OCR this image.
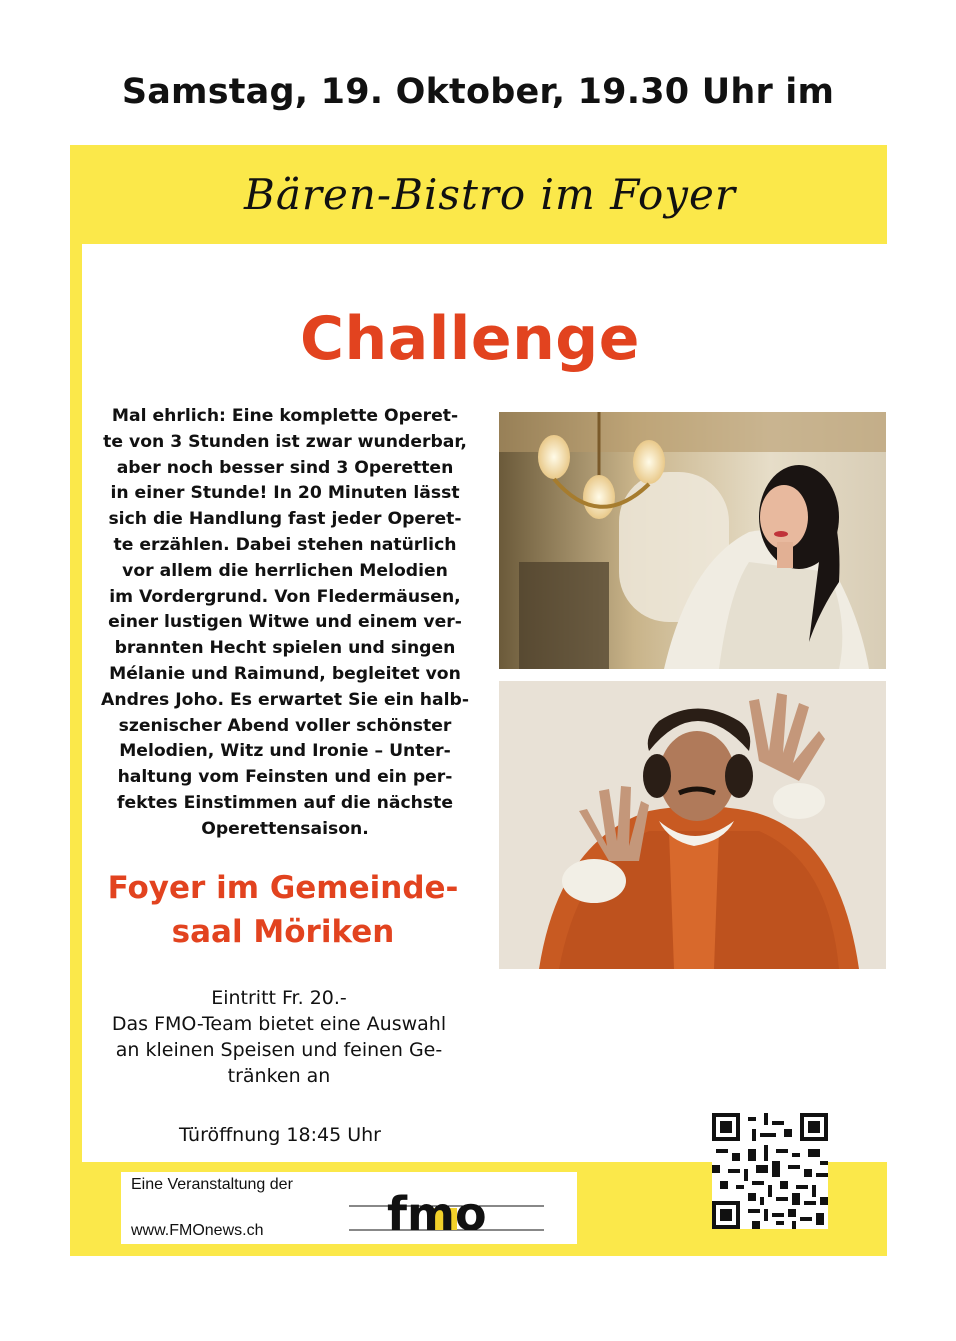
Samstag, 19. Oktober, 19.30 Uhr im
Bären-Bistro im Foyer
Challenge
Mal ehrlich: Eine komplette Operet-
te von 3 Stunden ist zwar wunderbar,
aber noch besser sind 3 Operetten
in einer Stunde! In 20 Minuten lässt
sich die Handlung fast jeder Operet-
te erzählen. Dabei stehen natürlich
vor allem die herrlichen Melodien
im Vordergrund. Von Fledermäusen,
einer lustigen Witwe und einem ver-
brannten Hecht spielen und singen
Mélanie und Raimund, begleitet von
Andres Joho. Es erwartet Sie ein halb-
szenischer Abend voller schönster
Melodien, Witz und Ironie – Unter-
haltung vom Feinsten und ein per-
fektes Einstimmen auf die nächste
Operettensaison.
Foyer im Gemeinde-
saal Möriken
Eintritt Fr. 20.-
Das FMO-Team bietet eine Auswahl
an kleinen Speisen und feinen Ge-
tränken an
Türöffnung 18:45 Uhr
Eine Veranstaltung der
www.FMOnews.ch	fmo
